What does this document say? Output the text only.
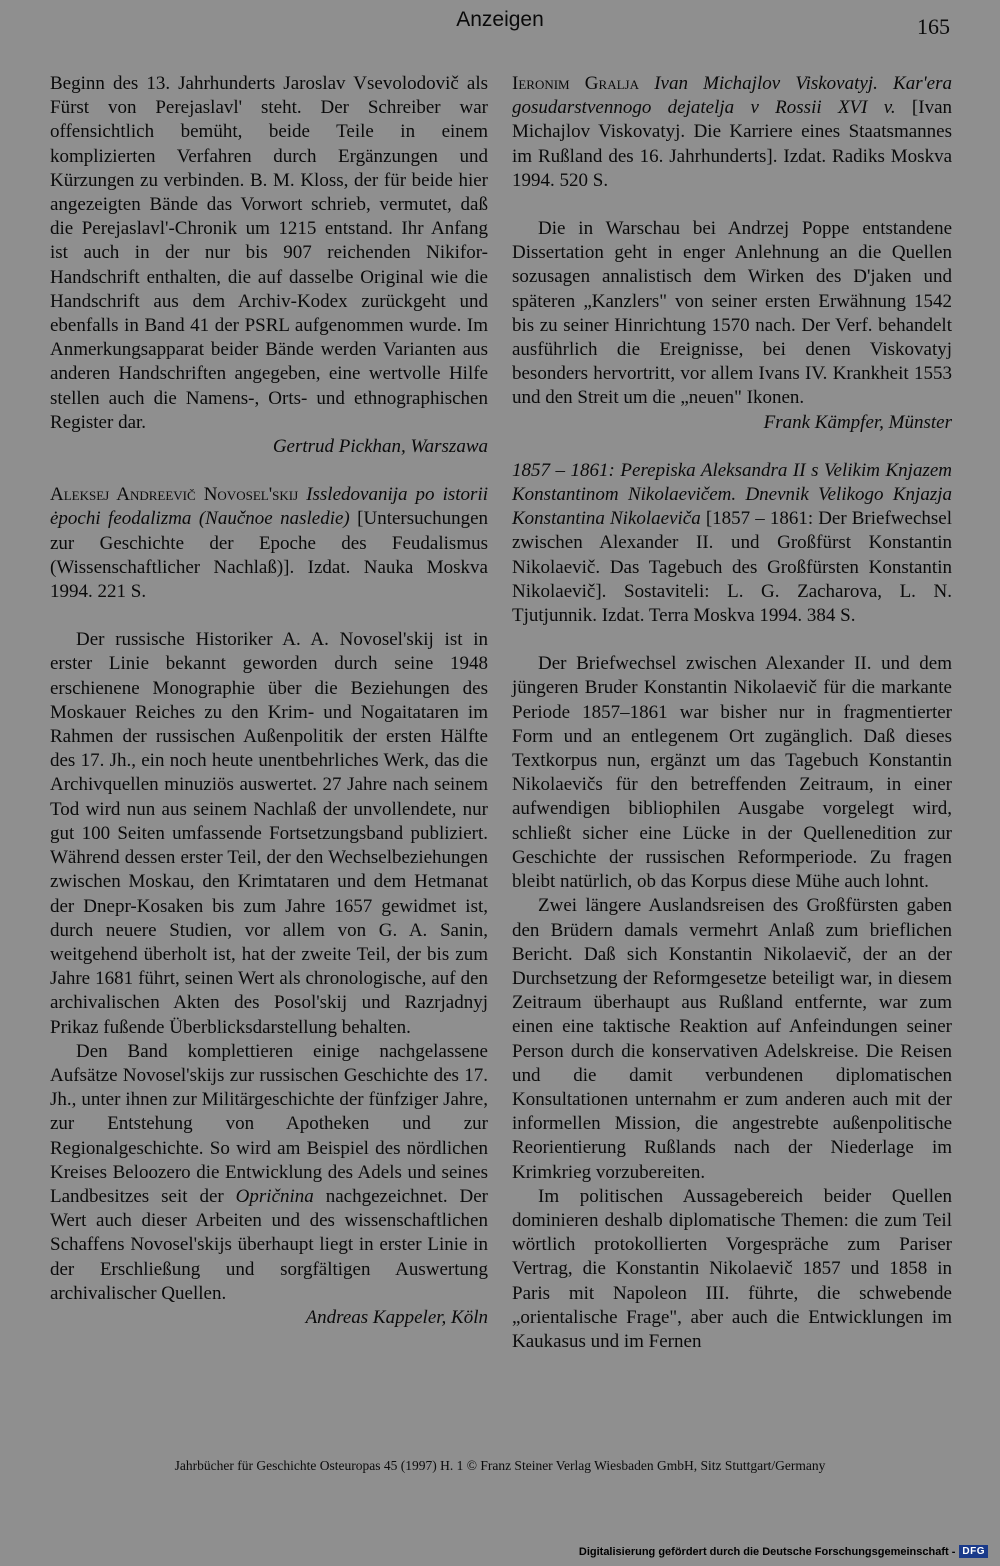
Anzeigen	165

Beginn des 13. Jahrhunderts Jaroslav Vsevolodovič als Fürst von Perejaslavl' steht. Der Schreiber war offensichtlich bemüht, beide Teile in einem komplizierten Verfahren durch Ergänzungen und Kürzungen zu verbinden. B. M. Kloss, der für beide hier angezeigten Bände das Vorwort schrieb, vermutet, daß die Perejaslavl'-Chronik um 1215 entstand. Ihr Anfang ist auch in der nur bis 907 reichenden Nikifor-Handschrift enthalten, die auf dasselbe Original wie die Handschrift aus dem Archiv-Kodex zurückgeht und ebenfalls in Band 41 der PSRL aufgenommen wurde. Im Anmerkungsapparat beider Bände werden Varianten aus anderen Handschriften angegeben, eine wertvolle Hilfe stellen auch die Namens-, Orts- und ethnographischen Register dar.

Gertrud Pickhan, Warszawa

Aleksej Andreevič Novosel'skij Issledovanija po istorii ėpochi feodalizma (Naučnoe nasledie) [Untersuchungen zur Geschichte der Epoche des Feudalismus (Wissenschaftlicher Nachlaß)]. Izdat. Nauka Moskva 1994. 221 S.

Der russische Historiker A. A. Novosel'skij ist in erster Linie bekannt geworden durch seine 1948 erschienene Monographie über die Beziehungen des Moskauer Reiches zu den Krim- und Nogaitataren im Rahmen der russischen Außenpolitik der ersten Hälfte des 17. Jh., ein noch heute unentbehrliches Werk, das die Archivquellen minuziös auswertet. 27 Jahre nach seinem Tod wird nun aus seinem Nachlaß der unvollendete, nur gut 100 Seiten umfassende Fortsetzungsband publiziert. Während dessen erster Teil, der den Wechselbeziehungen zwischen Moskau, den Krimtataren und dem Hetmanat der Dnepr-Kosaken bis zum Jahre 1657 gewidmet ist, durch neuere Studien, vor allem von G. A. Sanin, weitgehend überholt ist, hat der zweite Teil, der bis zum Jahre 1681 führt, seinen Wert als chronologische, auf den archivalischen Akten des Posol'skij und Razrjadnyj Prikaz fußende Überblicksdarstellung behalten.

Den Band komplettieren einige nachgelassene Aufsätze Novosel'skijs zur russischen Geschichte des 17. Jh., unter ihnen zur Militärgeschichte der fünfziger Jahre, zur Entstehung von Apotheken und zur Regionalgeschichte. So wird am Beispiel des nördlichen Kreises Beloozero die Entwicklung des Adels und seines Landbesitzes seit der Opričnina nachgezeichnet. Der Wert auch dieser Arbeiten und des wissenschaftlichen Schaffens Novosel'skijs überhaupt liegt in erster Linie in der Erschließung und sorgfältigen Auswertung archivalischer Quellen.

Andreas Kappeler, Köln

Ieronim Gralja Ivan Michajlov Viskovatyj. Kar'era gosudarstvennogo dejatelja v Rossii XVI v. [Ivan Michajlov Viskovatyj. Die Karriere eines Staatsmannes im Rußland des 16. Jahrhunderts]. Izdat. Radiks Moskva 1994. 520 S.

Die in Warschau bei Andrzej Poppe entstandene Dissertation geht in enger Anlehnung an die Quellen sozusagen annalistisch dem Wirken des D'jaken und späteren „Kanzlers" von seiner ersten Erwähnung 1542 bis zu seiner Hinrichtung 1570 nach. Der Verf. behandelt ausführlich die Ereignisse, bei denen Viskovatyj besonders hervortritt, vor allem Ivans IV. Krankheit 1553 und den Streit um die „neuen" Ikonen.

Frank Kämpfer, Münster

1857 – 1861: Perepiska Aleksandra II s Velikim Knjazem Konstantinom Nikolaevičem. Dnevnik Velikogo Knjazja Konstantina Nikolaeviča [1857 – 1861: Der Briefwechsel zwischen Alexander II. und Großfürst Konstantin Nikolaevič. Das Tagebuch des Großfürsten Konstantin Nikolaevič]. Sostaviteli: L. G. Zacharova, L. N. Tjutjunnik. Izdat. Terra Moskva 1994. 384 S.

Der Briefwechsel zwischen Alexander II. und dem jüngeren Bruder Konstantin Nikolaevič für die markante Periode 1857–1861 war bisher nur in fragmentierter Form und an entlegenem Ort zugänglich. Daß dieses Textkorpus nun, ergänzt um das Tagebuch Konstantin Nikolaevičs für den betreffenden Zeitraum, in einer aufwendigen bibliophilen Ausgabe vorgelegt wird, schließt sicher eine Lücke in der Quellenedition zur Geschichte der russischen Reformperiode. Zu fragen bleibt natürlich, ob das Korpus diese Mühe auch lohnt.

Zwei längere Auslandsreisen des Großfürsten gaben den Brüdern damals vermehrt Anlaß zum brieflichen Bericht. Daß sich Konstantin Nikolaevič, der an der Durchsetzung der Reformgesetze beteiligt war, in diesem Zeitraum überhaupt aus Rußland entfernte, war zum einen eine taktische Reaktion auf Anfeindungen seiner Person durch die konservativen Adelskreise. Die Reisen und die damit verbundenen diplomatischen Konsultationen unternahm er zum anderen auch mit der informellen Mission, die angestrebte außenpolitische Reorientierung Rußlands nach der Niederlage im Krimkrieg vorzubereiten.

Im politischen Aussagebereich beider Quellen dominieren deshalb diplomatische Themen: die zum Teil wörtlich protokollierten Vorgespräche zum Pariser Vertrag, die Konstantin Nikolaevič 1857 und 1858 in Paris mit Napoleon III. führte, die schwebende „orientalische Frage", aber auch die Entwicklungen im Kaukasus und im Fernen

Jahrbücher für Geschichte Osteuropas 45 (1997) H. 1 © Franz Steiner Verlag Wiesbaden GmbH, Sitz Stuttgart/Germany
Digitalisierung gefördert durch die Deutsche Forschungsgemeinschaft - DFG
